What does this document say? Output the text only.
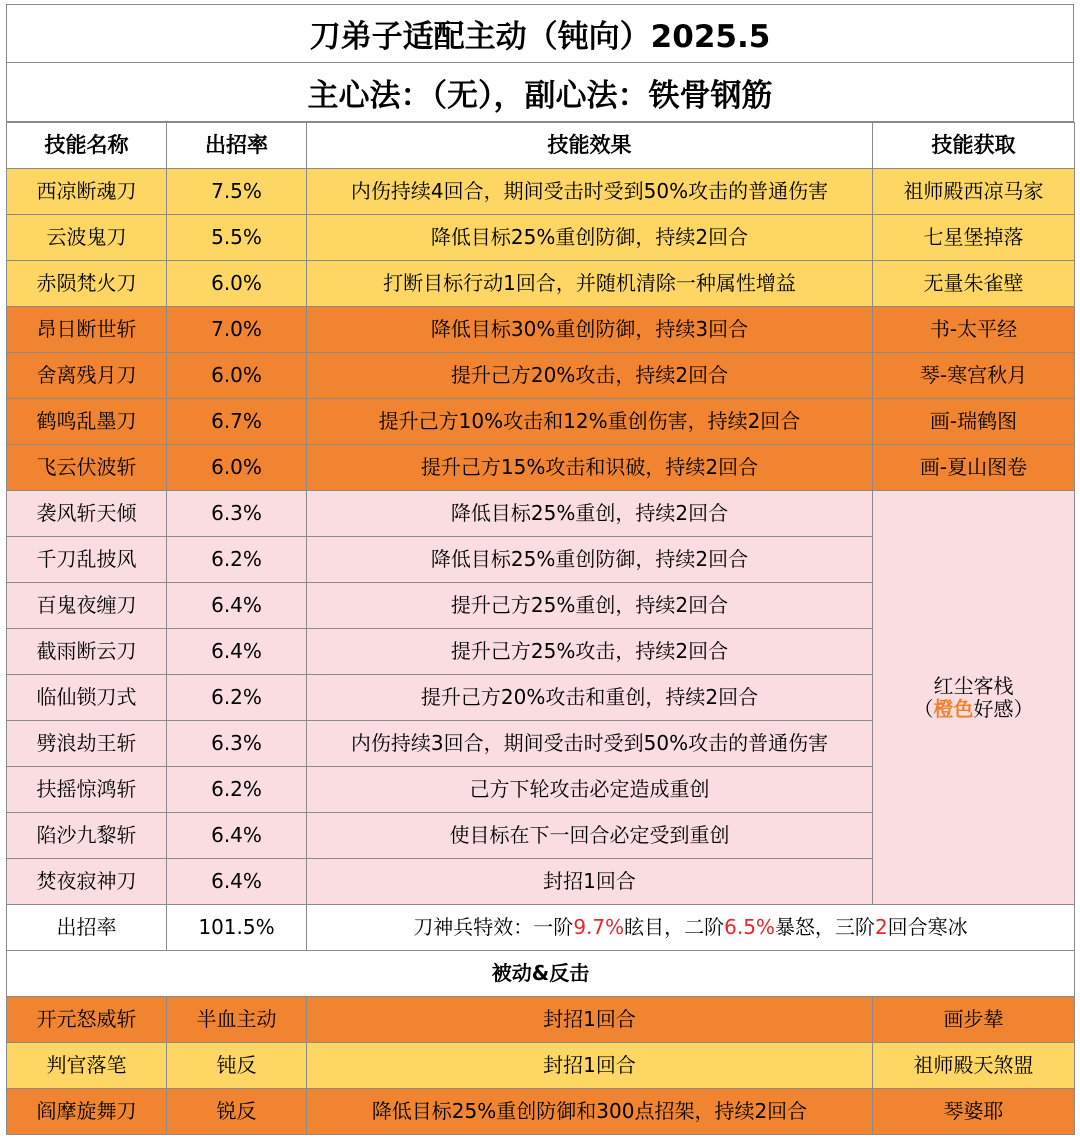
刀弟子适配主动（钝向）2025.5
主心法：（无），副心法：铁骨钢筋
技能名称	出招率	技能效果	技能获取
西凉断魂刀	7.5%	内伤持续4回合，期间受击时受到50%攻击的普通伤害	祖师殿西凉马家
云波鬼刀	5.5%	降低目标25%重创防御，持续2回合	七星堡掉落
赤陨梵火刀	6.0%	打断目标行动1回合，并随机清除一种属性增益	无量朱雀壁
昂日断世斩	7.0%	降低目标30%重创防御，持续3回合	书-太平经
舍离残月刀	6.0%	提升己方20%攻击，持续2回合	琴-寒宫秋月
鹤鸣乱墨刀	6.7%	提升己方10%攻击和12%重创伤害，持续2回合	画-瑞鹤图
飞云伏波斩	6.0%	提升己方15%攻击和识破，持续2回合	画-夏山图卷
袭风斩天倾	6.3%	降低目标25%重创，持续2回合	红尘客栈
（橙色好感）

千刀乱披风	6.2%	降低目标25%重创防御，持续2回合	
百鬼夜缠刀	6.4%	提升己方25%重创，持续2回合	
截雨断云刀	6.4%	提升己方25%攻击，持续2回合	
临仙锁刀式	6.2%	提升己方20%攻击和重创，持续2回合	
劈浪劫王斩	6.3%	内伤持续3回合，期间受击时受到50%攻击的普通伤害	
扶摇惊鸿斩	6.2%	己方下轮攻击必定造成重创	
陷沙九黎斩	6.4%	使目标在下一回合必定受到重创	
焚夜寂神刀	6.4%	封招1回合	
出招率	101.5%	刀神兵特效：一阶9.7%眩目，二阶6.5%暴怒，三阶2回合寒冰	
被动&反击			
开元怒威斩	半血主动	封招1回合	画步辇
判官落笔	钝反	封招1回合	祖师殿天煞盟
阎摩旋舞刀	锐反	降低目标25%重创防御和300点招架，持续2回合	琴婆耶
